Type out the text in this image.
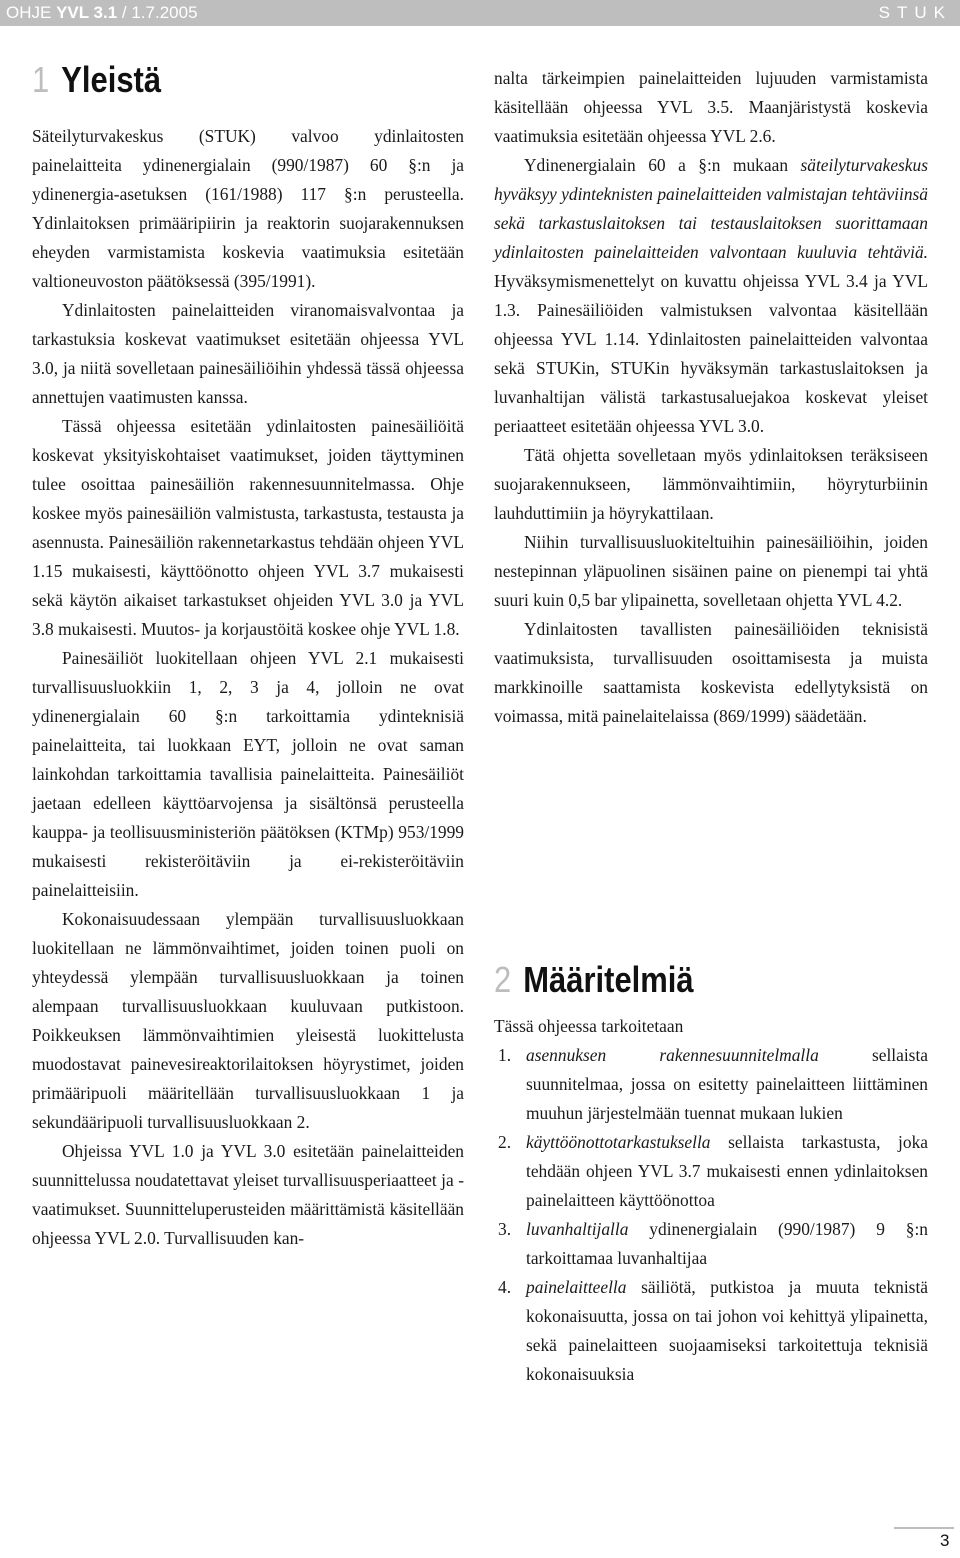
OHJE YVL 3.1 / 1.7.2005	STUK
1 Yleistä

Säteilyturvakeskus (STUK) valvoo ydinlaitosten painelaitteita ydinenergialain (990/1987) 60 §:n ja ydinenergia-asetuksen (161/1988) 117 §:n perusteella. Ydinlaitoksen primääripiirin ja reaktorin suojarakennuksen eheyden varmistamista koskevia vaatimuksia esitetään valtioneuvoston päätöksessä (395/1991).

Ydinlaitosten painelaitteiden viranomaisvalvontaa ja tarkastuksia koskevat vaatimukset esitetään ohjeessa YVL 3.0, ja niitä sovelletaan painesäiliöihin yhdessä tässä ohjeessa annettujen vaatimusten kanssa.

Tässä ohjeessa esitetään ydinlaitosten painesäiliöitä koskevat yksityiskohtaiset vaatimukset, joiden täyttyminen tulee osoittaa painesäiliön rakennesuunnitelmassa. Ohje koskee myös painesäiliön valmistusta, tarkastusta, testausta ja asennusta. Painesäiliön rakennetarkastus tehdään ohjeen YVL 1.15 mukaisesti, käyttöönotto ohjeen YVL 3.7 mukaisesti sekä käytön aikaiset tarkastukset ohjeiden YVL 3.0 ja YVL 3.8 mukaisesti. Muutos- ja korjaustöitä koskee ohje YVL 1.8.

Painesäiliöt luokitellaan ohjeen YVL 2.1 mukaisesti turvallisuusluokkiin 1, 2, 3 ja 4, jolloin ne ovat ydinenergialain 60 §:n tarkoittamia ydinteknisiä painelaitteita, tai luokkaan EYT, jolloin ne ovat saman lainkohdan tarkoittamia tavallisia painelaitteita. Painesäiliöt jaetaan edelleen käyttöarvojensa ja sisältönsä perusteella kauppa- ja teollisuusministeriön päätöksen (KTMp) 953/1999 mukaisesti rekisteröitäviin ja ei-rekisteröitäviin painelaitteisiin.

Kokonaisuudessaan ylempään turvallisuusluokkaan luokitellaan ne lämmönvaihtimet, joiden toinen puoli on yhteydessä ylempään turvallisuusluokkaan ja toinen alempaan turvallisuusluokkaan kuuluvaan putkistoon. Poikkeuksen lämmönvaihtimien yleisestä luokittelusta muodostavat painevesireaktorilaitoksen höyrystimet, joiden primääripuoli määritellään turvallisuusluokkaan 1 ja sekundääripuoli turvallisuusluokkaan 2.

Ohjeissa YVL 1.0 ja YVL 3.0 esitetään painelaitteiden suunnittelussa noudatettavat yleiset turvallisuusperiaatteet ja -vaatimukset. Suunnitteluperusteiden määrittämistä käsitellään ohjeessa YVL 2.0. Turvallisuuden kan-

nalta tärkeimpien painelaitteiden lujuuden varmistamista käsitellään ohjeessa YVL 3.5. Maanjäristystä koskevia vaatimuksia esitetään ohjeessa YVL 2.6.

Ydinenergialain 60 a §:n mukaan säteilyturvakeskus hyväksyy ydinteknisten painelaitteiden valmistajan tehtäviinsä sekä tarkastuslaitoksen tai testauslaitoksen suorittamaan ydinlaitosten painelaitteiden valvontaan kuuluvia tehtäviä. Hyväksymismenettelyt on kuvattu ohjeissa YVL 3.4 ja YVL 1.3. Painesäiliöiden valmistuksen valvontaa käsitellään ohjeessa YVL 1.14. Ydinlaitosten painelaitteiden valvontaa sekä STUKin, STUKin hyväksymän tarkastuslaitoksen ja luvanhaltijan välistä tarkastusaluejakoa koskevat yleiset periaatteet esitetään ohjeessa YVL 3.0.

Tätä ohjetta sovelletaan myös ydinlaitoksen teräksiseen suojarakennukseen, lämmönvaihtimiin, höyryturbiinin lauhduttimiin ja höyrykattilaan.

Niihin turvallisuusluokiteltuihin painesäiliöihin, joiden nestepinnan yläpuolinen sisäinen paine on pienempi tai yhtä suuri kuin 0,5 bar ylipainetta, sovelletaan ohjetta YVL 4.2.

Ydinlaitosten tavallisten painesäiliöiden teknisistä vaatimuksista, turvallisuuden osoittamisesta ja muista markkinoille saattamista koskevista edellytyksistä on voimassa, mitä painelaitelaissa (869/1999) säädetään.

2 Määritelmiä

Tässä ohjeessa tarkoitetaan

1. asennuksen rakennesuunnitelmalla sellaista suunnitelmaa, jossa on esitetty painelaitteen liittäminen muuhun järjestelmään tuennat mukaan lukien
2. käyttöönottotarkastuksella sellaista tarkastusta, joka tehdään ohjeen YVL 3.7 mukaisesti ennen ydinlaitoksen painelaitteen käyttöönottoa
3. luvanhaltijalla ydinenergialain (990/1987) 9 §:n tarkoittamaa luvanhaltijaa
4. painelaitteella säiliötä, putkistoa ja muuta teknistä kokonaisuutta, jossa on tai johon voi kehittyä ylipainetta, sekä painelaitteen suojaamiseksi tarkoitettuja teknisiä kokonaisuuksia
3
